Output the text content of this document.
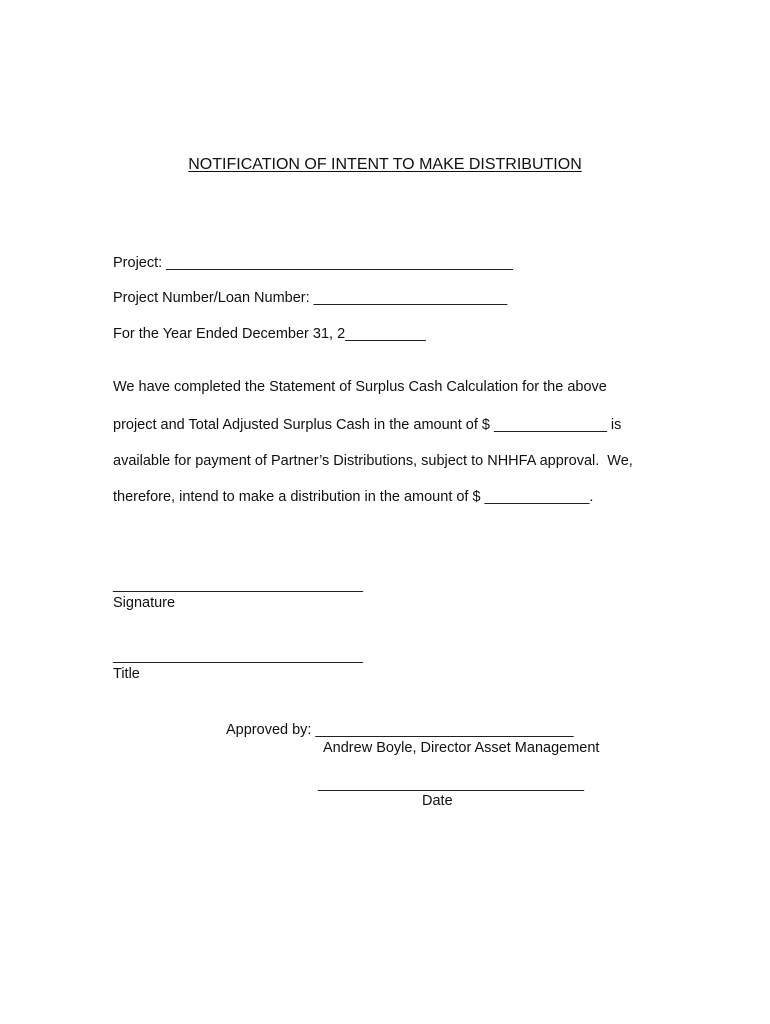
NOTIFICATION OF INTENT TO MAKE DISTRIBUTION
Project: ___________________________________________
Project Number/Loan Number: ________________________
For the Year Ended December 31, 2__________
We have completed the Statement of Surplus Cash Calculation for the above
project and Total Adjusted Surplus Cash in the amount of $ ______________ is
available for payment of Partner’s Distributions, subject to NHHFA approval.  We,
therefore, intend to make a distribution in the amount of $ _____________.
_______________________________
Signature
_______________________________
Title
Approved by: ________________________________
Andrew Boyle, Director Asset Management
_________________________________
Date
